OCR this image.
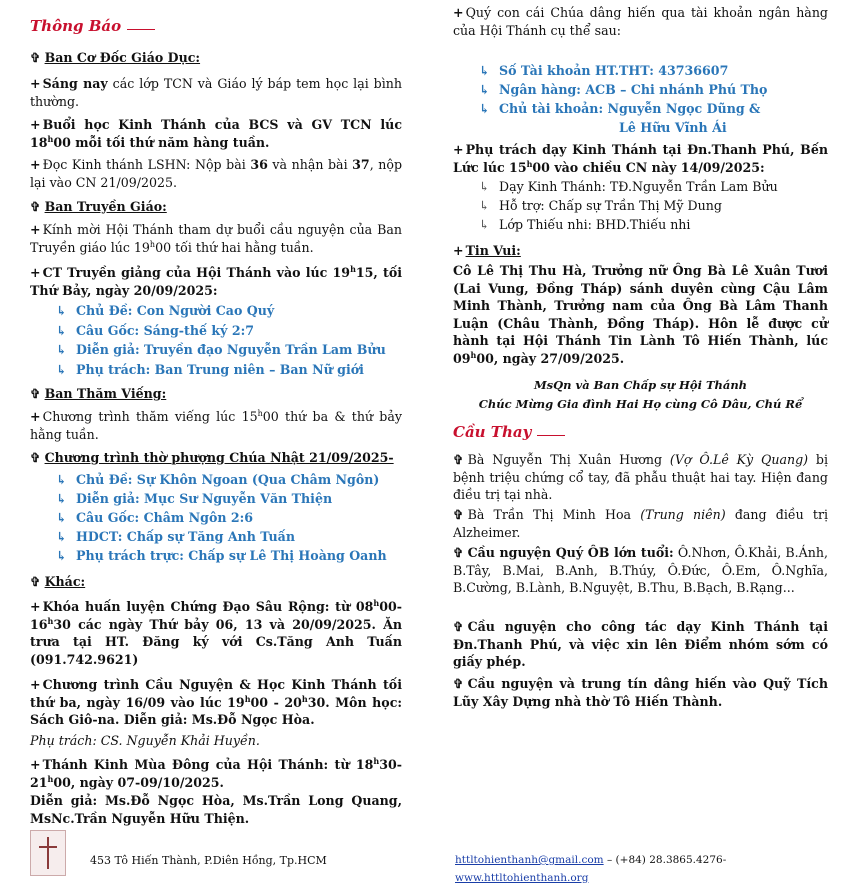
Thông Báo
✞ Ban Cơ Đốc Giáo Dục:

+ Sáng nay các lớp TCN và Giáo lý báp tem học lại bình thường.

+ Buổi học Kinh Thánh của BCS và GV TCN lúc 18$^h$00 mỗi tối thứ năm hàng tuần.

+ Đọc Kinh thánh LSHN: Nộp bài 36 và nhận bài 37, nộp lại vào CN 21/09/2025.

✞ Ban Truyền Giáo:

+ Kính mời Hội Thánh tham dự buổi cầu nguyện của Ban Truyền giáo lúc 19$^h$00 tối thứ hai hằng tuần.

+ CT Truyền giảng của Hội Thánh vào lúc 19$^h$15, tối Thứ Bảy, ngày 20/09/2025:

↳ Chủ Đề: Con Người Cao Quý
↳ Câu Gốc: Sáng-thế ký 2:7
↳ Diễn giả: Truyền đạo Nguyễn Trần Lam Bửu
↳ Phụ trách: Ban Trung niên – Ban Nữ giới
✞ Ban Thăm Viếng:

+ Chương trình thăm viếng lúc 15$^h$00 thứ ba & thứ bảy hằng tuần.

✞ Chương trình thờ phượng Chúa Nhật 21/09/2025-
↳ Chủ Đề: Sự Khôn Ngoan (Qua Châm Ngôn)
↳ Diễn giả: Mục Sư Nguyễn Văn Thiện
↳ Câu Gốc: Châm Ngôn 2:6
↳ HDCT: Chấp sự Tăng Anh Tuấn
↳ Phụ trách trực: Chấp sự Lê Thị Hoàng Oanh
✞ Khác:

+ Khóa huấn luyện Chứng Đạo Sâu Rộng: từ 08$^h$00-16$^h$30 các ngày Thứ bảy 06, 13 và 20/09/2025. Ăn trưa tại HT. Đăng ký với Cs.Tăng Anh Tuấn (091.742.9621)

+ Chương trình Cầu Nguyện & Học Kinh Thánh tối thứ ba, ngày 16/09 vào lúc 19$^h$00 - 20$^h$30. Môn học: Sách Giô-na. Diễn giả: Ms.Đỗ Ngọc Hòa.

Phụ trách: CS. Nguyễn Khải Huyền.

+ Thánh Kinh Mùa Đông của Hội Thánh: từ 18$^h$30-21$^h$00, ngày 07-09/10/2025.

Diễn giả: Ms.Đỗ Ngọc Hòa, Ms.Trần Long Quang, MsNc.Trần Nguyễn Hữu Thiện.

+ Quý con cái Chúa dâng hiến qua tài khoản ngân hàng của Hội Thánh cụ thể sau:

↳ Số Tài khoản HT.THT: 43736607
↳ Ngân hàng: ACB – Chi nhánh Phú Thọ
↳ Chủ tài khoản: Nguyễn Ngọc Dũng &
Lê Hữu Vĩnh Ái

+ Phụ trách dạy Kinh Thánh tại Đn.Thanh Phú, Bến Lức lúc 15$^h$00 vào chiều CN này 14/09/2025:

↳ Dạy Kinh Thánh: TĐ.Nguyễn Trần Lam Bửu
↳ Hỗ trợ: Chấp sự Trần Thị Mỹ Dung
↳ Lớp Thiếu nhi: BHD.Thiếu nhi
+ Tin Vui:

Cô Lê Thị Thu Hà, Trưởng nữ Ông Bà Lê Xuân Tươi (Lai Vung, Đồng Tháp) sánh duyên cùng Cậu Lâm Minh Thành, Trưởng nam của Ông Bà Lâm Thanh Luận (Châu Thành, Đồng Tháp). Hôn lễ được cử hành tại Hội Thánh Tin Lành Tô Hiến Thành, lúc 09$^h$00, ngày 27/09/2025.

MsQn và Ban Chấp sự Hội Thánh

Chúc Mừng Gia đình Hai Họ cùng Cô Dâu, Chú Rể

Cầu Thay

✞ Bà Nguyễn Thị Xuân Hương (Vợ Ô.Lê Kỳ Quang) bị bệnh triệu chứng cổ tay, đã phẫu thuật hai tay. Hiện đang điều trị tại nhà.

✞ Bà Trần Thị Minh Hoa (Trung niên) đang điều trị Alzheimer.

✞ Cầu nguyện Quý ÔB lớn tuổi: Ô.Nhơn, Ô.Khải, B.Ánh, B.Tây, B.Mai, B.Anh, B.Thúy, Ô.Đức, Ô.Em, Ô.Nghĩa, B.Cường, B.Lành, B.Nguyệt, B.Thu, B.Bạch, B.Rạng...

✞ Cầu nguyện cho công tác dạy Kinh Thánh tại Đn.Thanh Phú, và việc xin lên Điểm nhóm sớm có giấy phép.

✞ Cầu nguyện và trung tín dâng hiến vào Quỹ Tích Lũy Xây Dựng nhà thờ Tô Hiến Thành.

453 Tô Hiến Thành, P.Diên Hồng, Tp.HCM	httltohienthanh@gmail.com – (+84) 28.3865.4276-www.httltohienthanh.org
